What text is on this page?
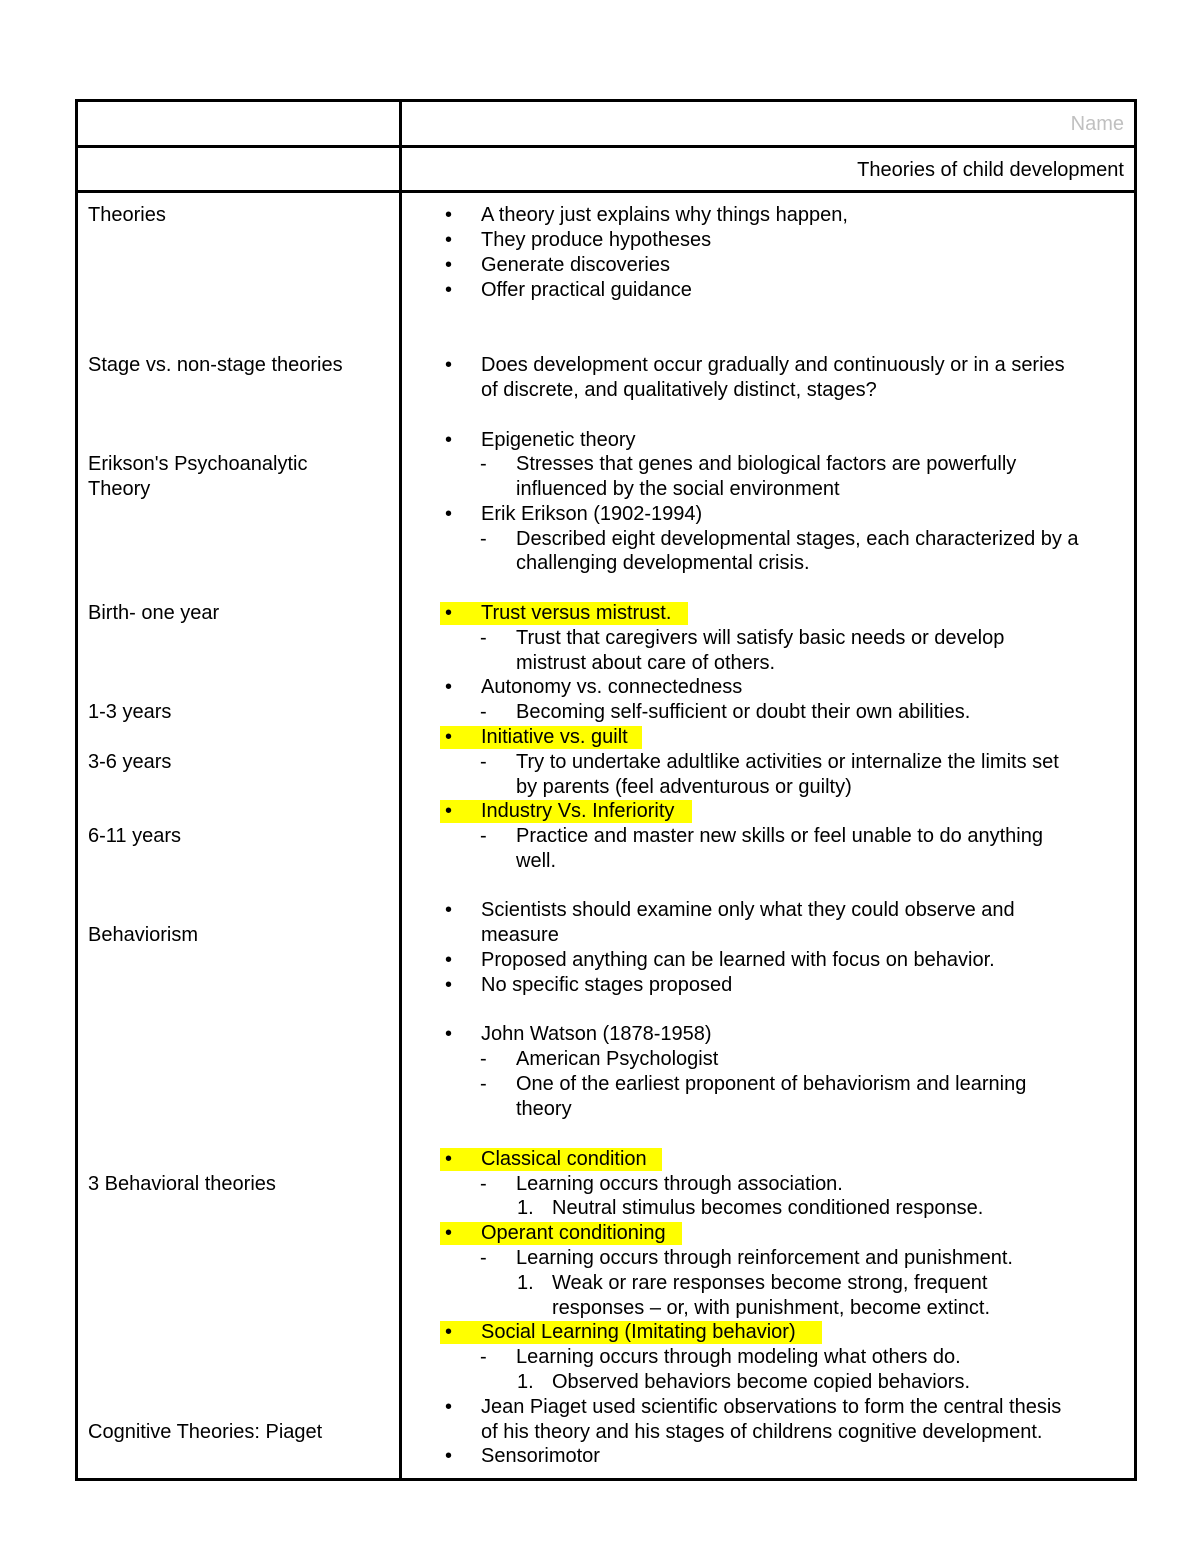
Name
Theories of child development
Theories
Stage vs. non-stage theories
Erikson's Psychoanalytic
Theory
Birth- one year
1-3 years
3-6 years
6-11 years
Behaviorism
3 Behavioral theories
Cognitive Theories: Piaget
• A theory just explains why things happen,
• They produce hypotheses
• Generate discoveries
• Offer practical guidance
• Does development occur gradually and continuously or in a series
of discrete, and qualitatively distinct, stages?
• Epigenetic theory
- Stresses that genes and biological factors are powerfully
influenced by the social environment
• Erik Erikson (1902-1994)
- Described eight developmental stages, each characterized by a
challenging developmental crisis.
• Trust versus mistrust.
- Trust that caregivers will satisfy basic needs or develop
mistrust about care of others.
• Autonomy vs. connectedness
- Becoming self-sufficient or doubt their own abilities.
• Initiative vs. guilt
- Try to undertake adultlike activities or internalize the limits set
by parents (feel adventurous or guilty)
• Industry Vs. Inferiority
- Practice and master new skills or feel unable to do anything
well.
• Scientists should examine only what they could observe and
measure
• Proposed anything can be learned with focus on behavior.
• No specific stages proposed
• John Watson (1878-1958)
- American Psychologist
- One of the earliest proponent of behaviorism and learning
theory
• Classical condition
- Learning occurs through association.
1. Neutral stimulus becomes conditioned response.
• Operant conditioning
- Learning occurs through reinforcement and punishment.
1. Weak or rare responses become strong, frequent
responses – or, with punishment, become extinct.
• Social Learning (Imitating behavior)
- Learning occurs through modeling what others do.
1. Observed behaviors become copied behaviors.
• Jean Piaget used scientific observations to form the central thesis
of his theory and his stages of childrens cognitive development.
• Sensorimotor
